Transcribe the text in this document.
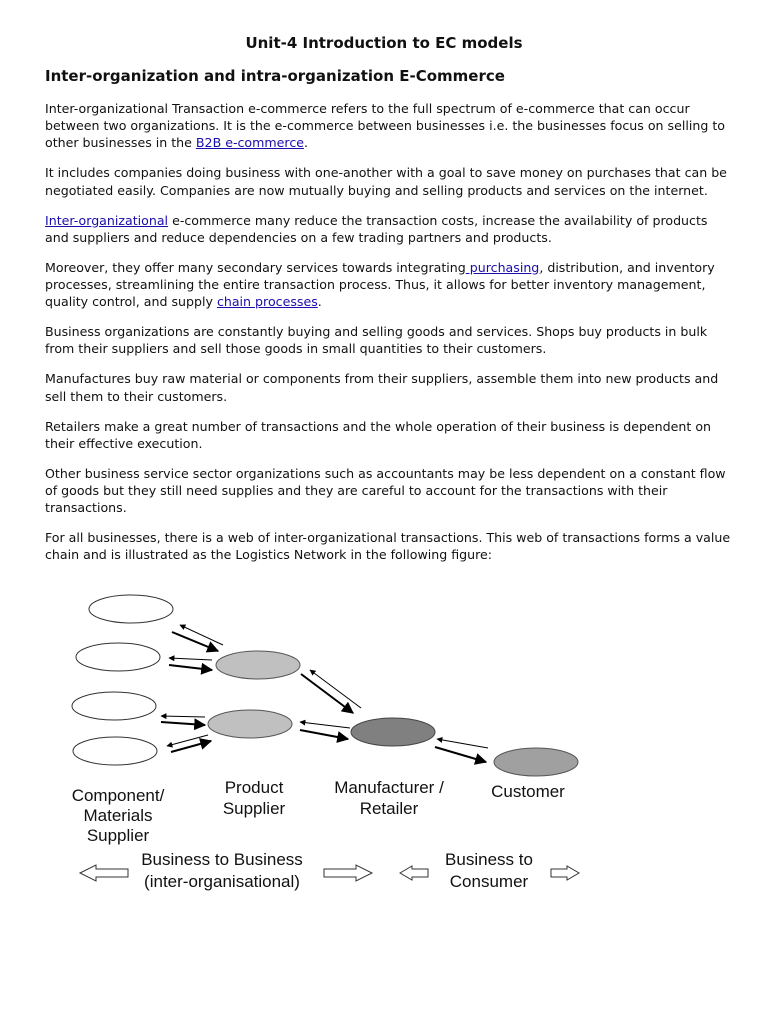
Unit-4 Introduction to EC models
Inter-organization and intra-organization E-Commerce

Inter-organizational Transaction e-commerce refers to the full spectrum of e-commerce that can occur between two organizations. It is the e-commerce between businesses i.e. the businesses focus on selling to other businesses in the B2B e-commerce.

It includes companies doing business with one-another with a goal to save money on purchases that can be negotiated easily. Companies are now mutually buying and selling products and services on the internet.

Inter-organizational e-commerce many reduce the transaction costs, increase the availability of products and suppliers and reduce dependencies on a few trading partners and products.

Moreover, they offer many secondary services towards integrating purchasing, distribution, and inventory processes, streamlining the entire transaction process. Thus, it allows for better inventory management, quality control, and supply chain processes.

Business organizations are constantly buying and selling goods and services. Shops buy products in bulk from their suppliers and sell those goods in small quantities to their customers.

Manufactures buy raw material or components from their suppliers, assemble them into new products and sell them to their customers.

Retailers make a great number of transactions and the whole operation of their business is dependent on their effective execution.

Other business service sector organizations such as accountants may be less dependent on a constant flow of goods but they still need supplies and they are careful to account for the transactions with their transactions.

For all businesses, there is a web of inter-organizational transactions. This web of transactions forms a value chain and is illustrated as the Logistics Network in the following figure:

Component/
Materials
Supplier
Product
Supplier
Manufacturer /
Retailer
Customer
Business to Business
(inter-organisational)
Business to
Consumer
